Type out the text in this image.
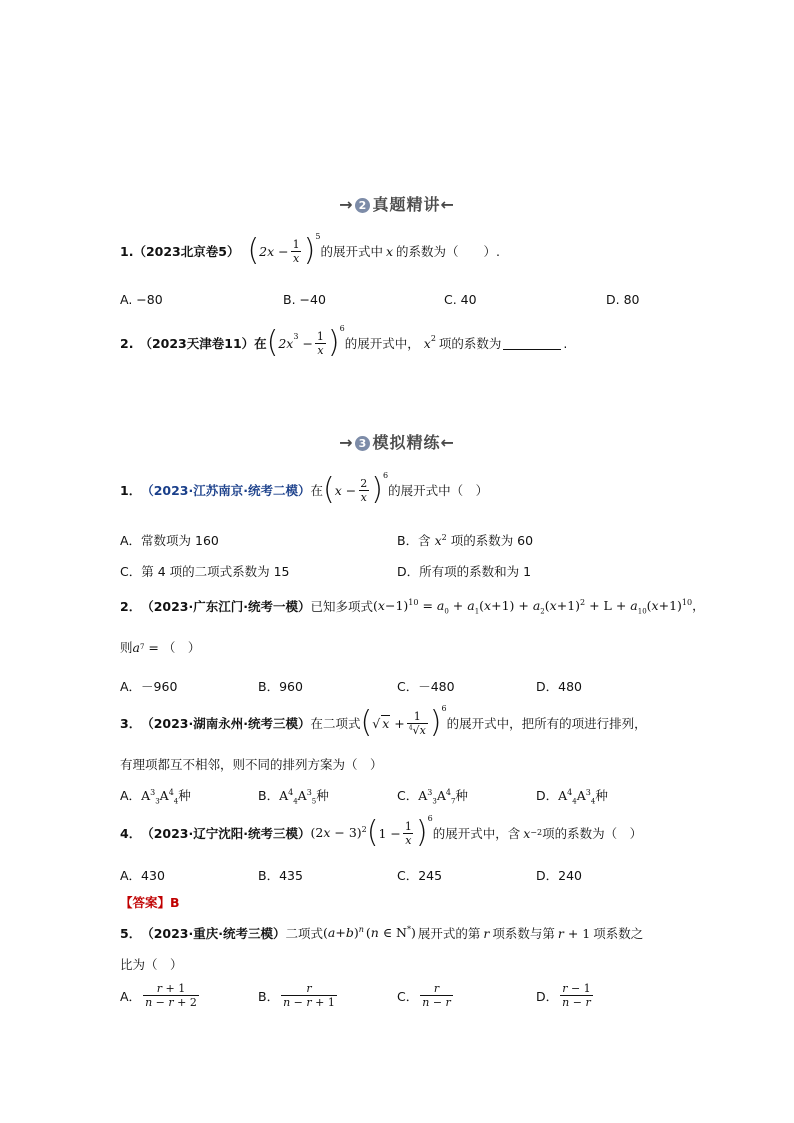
→ 2 真题精讲←
1. （2023北京卷5） ( $2x - \frac{1}{x} )^5$
的展开式中 x 的系数为（　　）.
A. −80	B. −40	C. 40	D. 80
2. （2023天津卷11）在 ( $2x^3 - \frac{1}{x} )^6$
的展开式中， $x^2$ 项的系数为	.
→ 3 模拟精练←
1． （2023·江苏南京·统考二模） 在 ( $x - \frac{2}{x} )^6$
的展开式中（　）
A．常数项为 160	B．含 $x^2$ 项的系数为 60
C．第 4 项的二项式系数为 15	D．所有项的系数和为 1
2． （2023·广东江门·统考一模） 已知多项式 $(x-1)^{10} = a_0 + a_1(x+1) + a_2(x+1)^2 + L + a_{10}(x+1)^{10}$，
则 a 7 = （　）
A．－960	B．960	C．－480	D．480
3． （2023·湖南永州·统考三模） 在二项式 ( √ $x + \frac{1}{^4√x} )^6$
的展开式中，把所有的项进行排列，
有理项都互不相邻，则不同的排列方案为（　）
A．$A^3_3A^4_4$种	B．$A^4_4A^3_5$种	C．$A^3_3A^4_7$种	D．$A^4_4A^3_4$种
4． （2023·辽宁沈阳·统考三模） $(2x - 3)^2$ ( $1 - \frac{1}{x} )^6$
的展开式中，含 x −2 项的系数为（　）
A．430	B．435	C．245	D．240
【答案】B
5． （2023·重庆·统考三模） 二项式 $(a+b)^n$ (n ∈ N*) 展开式的第 r 项系数与第 r + 1 项系数之
比为（　）
A． $\frac{r + 1}{n - r + 2}$	B． $\frac{r}{n - r + 1}$	C． $\frac{r}{n - r}$	D． $\frac{r - 1}{n - r}$
